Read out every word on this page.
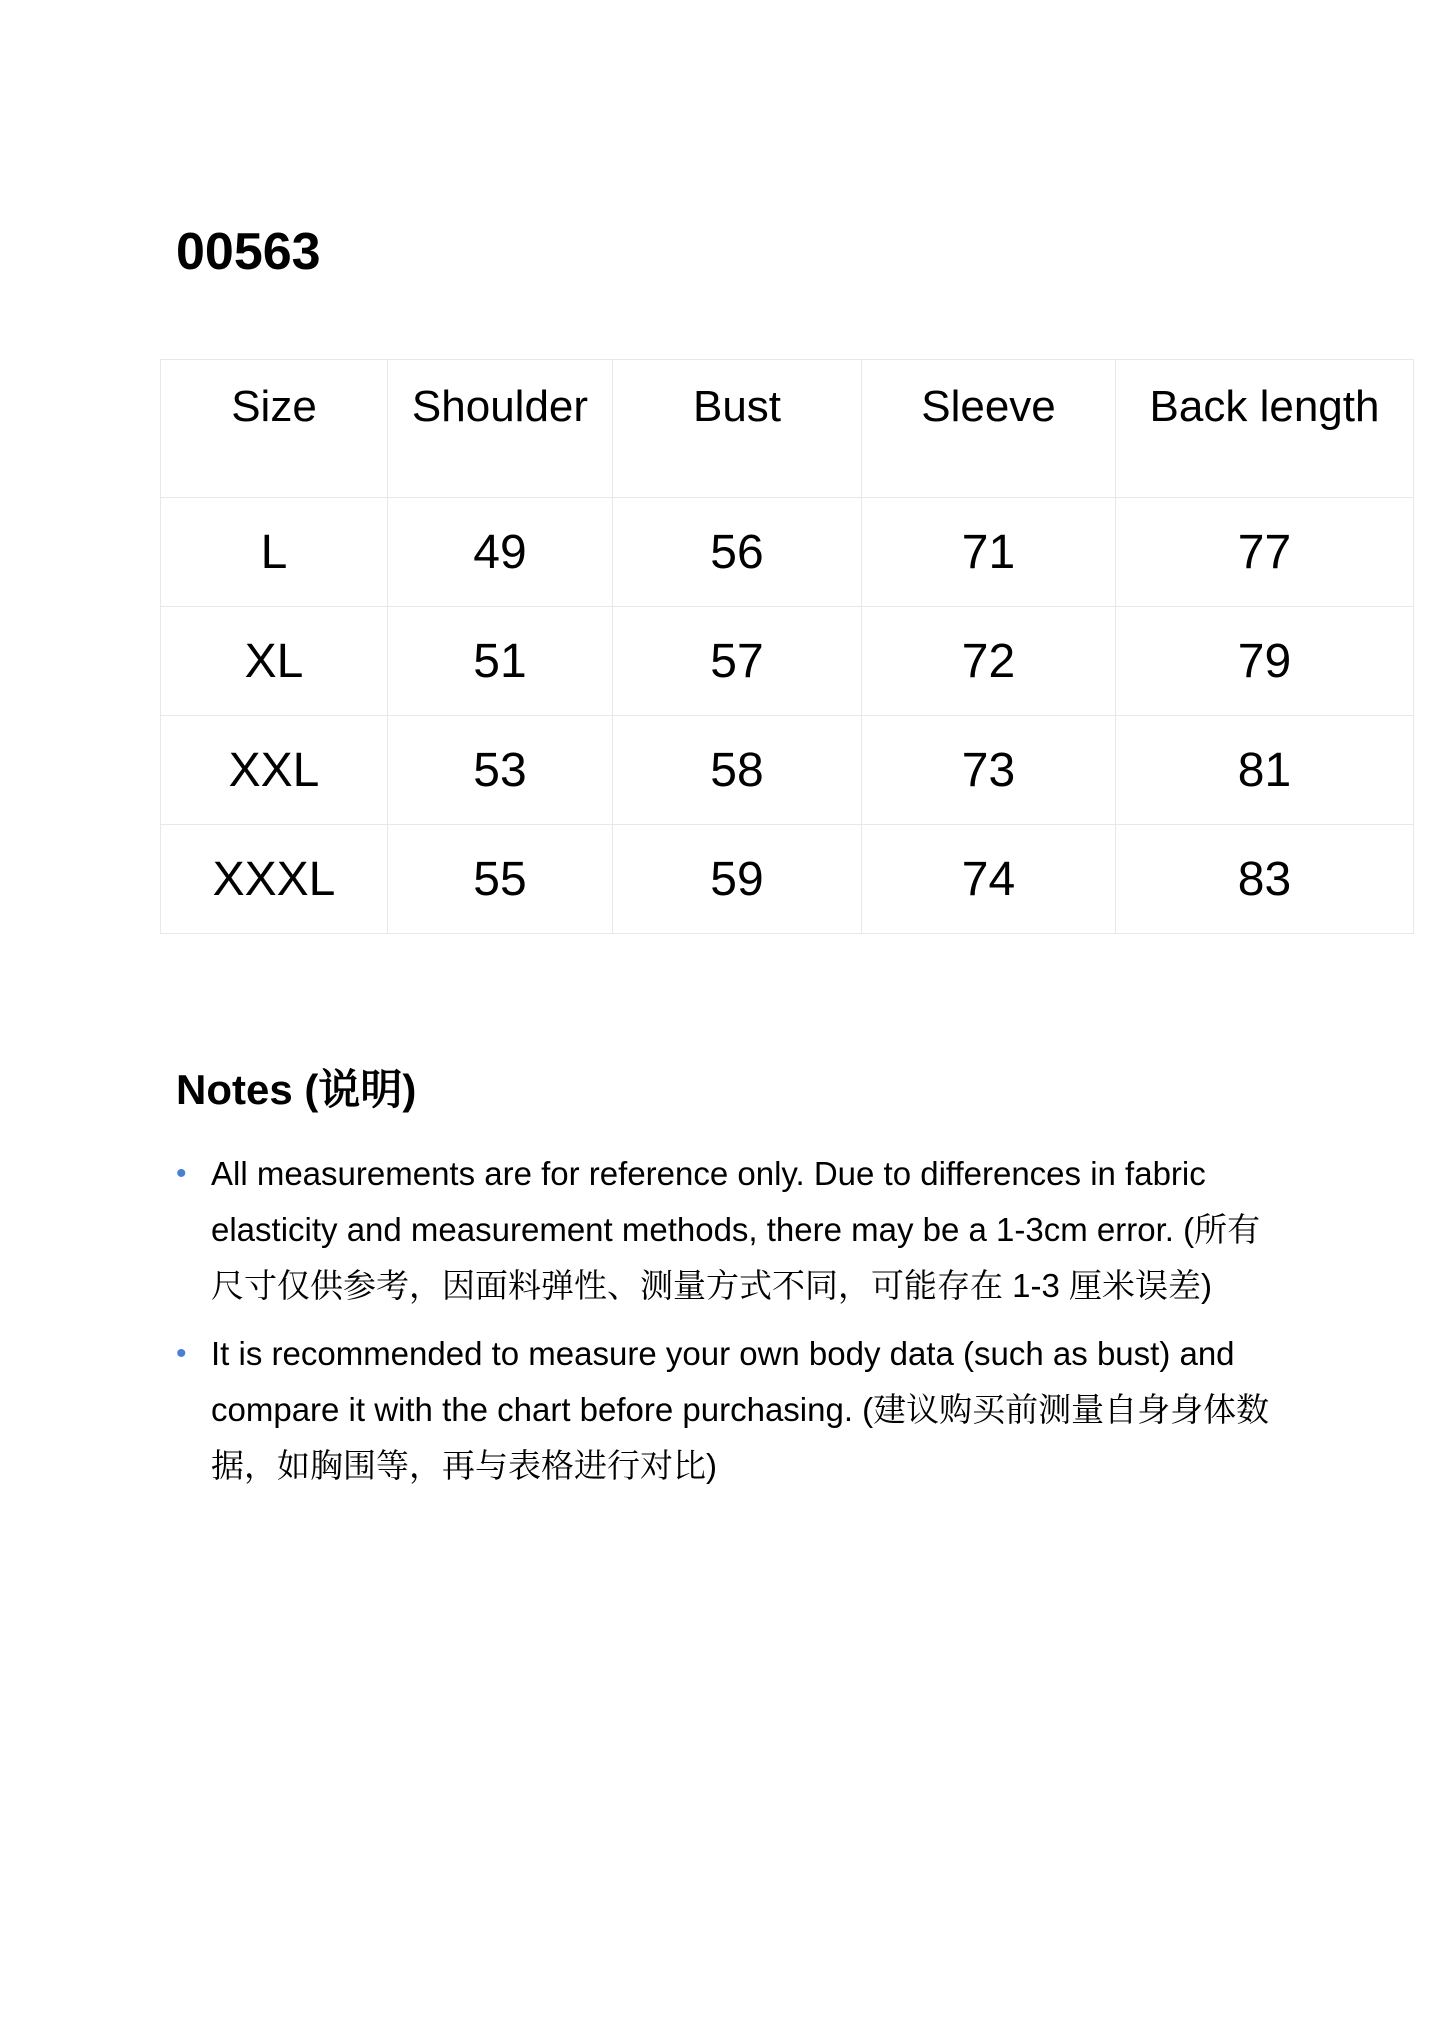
00563
Size	Shoulder	Bust	Sleeve	Back length
L	49	56	71	77
XL	51	57	72	79
XXL	53	58	73	81
XXXL	55	59	74	83
Notes (说明)
• All measurements are for reference only. Due to differences in fabric elasticity and measurement methods, there may be a 1-3cm error. (所有尺寸仅供参考，因面料弹性、测量方式不同，可能存在 1-3 厘米误差)
• It is recommended to measure your own body data (such as bust) and compare it with the chart before purchasing. (建议购买前测量自身身体数据，如胸围等，再与表格进行对比)
